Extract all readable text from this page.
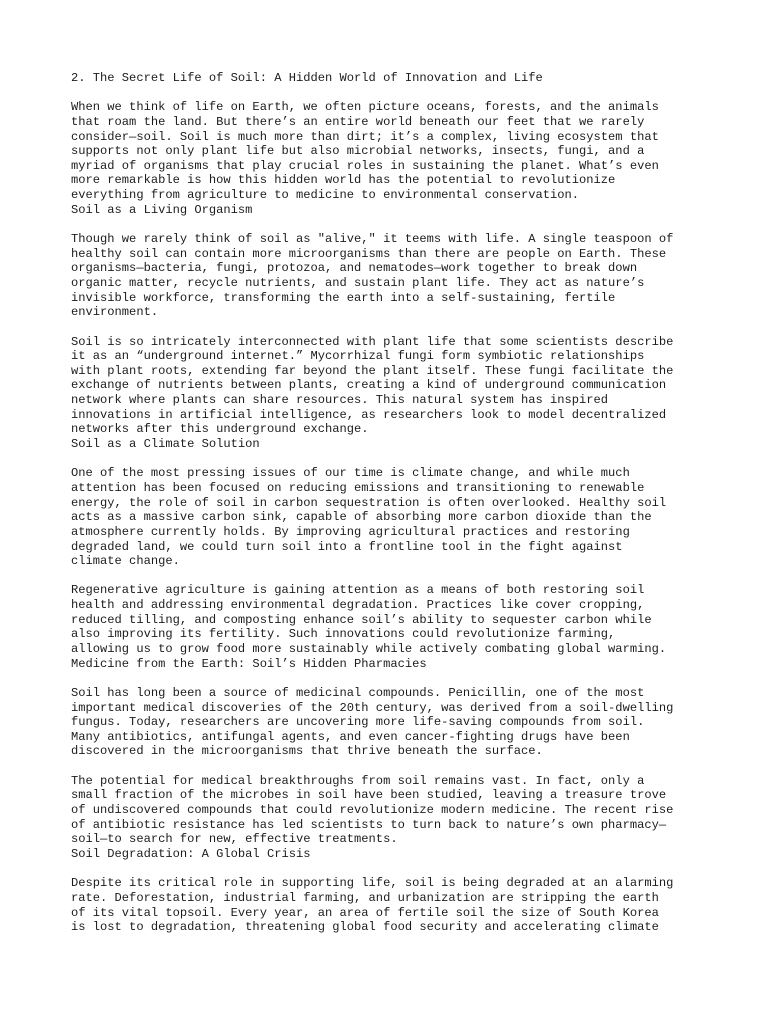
2. The Secret Life of Soil: A Hidden World of Innovation and Life
When we think of life on Earth, we often picture oceans, forests, and the animals
that roam the land. But there’s an entire world beneath our feet that we rarely
consider—soil. Soil is much more than dirt; it’s a complex, living ecosystem that
supports not only plant life but also microbial networks, insects, fungi, and a
myriad of organisms that play crucial roles in sustaining the planet. What’s even
more remarkable is how this hidden world has the potential to revolutionize
everything from agriculture to medicine to environmental conservation.
Soil as a Living Organism
Though we rarely think of soil as "alive," it teems with life. A single teaspoon of
healthy soil can contain more microorganisms than there are people on Earth. These
organisms—bacteria, fungi, protozoa, and nematodes—work together to break down
organic matter, recycle nutrients, and sustain plant life. They act as nature’s
invisible workforce, transforming the earth into a self-sustaining, fertile
environment.
Soil is so intricately interconnected with plant life that some scientists describe
it as an “underground internet.” Mycorrhizal fungi form symbiotic relationships
with plant roots, extending far beyond the plant itself. These fungi facilitate the
exchange of nutrients between plants, creating a kind of underground communication
network where plants can share resources. This natural system has inspired
innovations in artificial intelligence, as researchers look to model decentralized
networks after this underground exchange.
Soil as a Climate Solution
One of the most pressing issues of our time is climate change, and while much
attention has been focused on reducing emissions and transitioning to renewable
energy, the role of soil in carbon sequestration is often overlooked. Healthy soil
acts as a massive carbon sink, capable of absorbing more carbon dioxide than the
atmosphere currently holds. By improving agricultural practices and restoring
degraded land, we could turn soil into a frontline tool in the fight against
climate change.
Regenerative agriculture is gaining attention as a means of both restoring soil
health and addressing environmental degradation. Practices like cover cropping,
reduced tilling, and composting enhance soil’s ability to sequester carbon while
also improving its fertility. Such innovations could revolutionize farming,
allowing us to grow food more sustainably while actively combating global warming.
Medicine from the Earth: Soil’s Hidden Pharmacies
Soil has long been a source of medicinal compounds. Penicillin, one of the most
important medical discoveries of the 20th century, was derived from a soil-dwelling
fungus. Today, researchers are uncovering more life-saving compounds from soil.
Many antibiotics, antifungal agents, and even cancer-fighting drugs have been
discovered in the microorganisms that thrive beneath the surface.
The potential for medical breakthroughs from soil remains vast. In fact, only a
small fraction of the microbes in soil have been studied, leaving a treasure trove
of undiscovered compounds that could revolutionize modern medicine. The recent rise
of antibiotic resistance has led scientists to turn back to nature’s own pharmacy—
soil—to search for new, effective treatments.
Soil Degradation: A Global Crisis
Despite its critical role in supporting life, soil is being degraded at an alarming
rate. Deforestation, industrial farming, and urbanization are stripping the earth
of its vital topsoil. Every year, an area of fertile soil the size of South Korea
is lost to degradation, threatening global food security and accelerating climate
